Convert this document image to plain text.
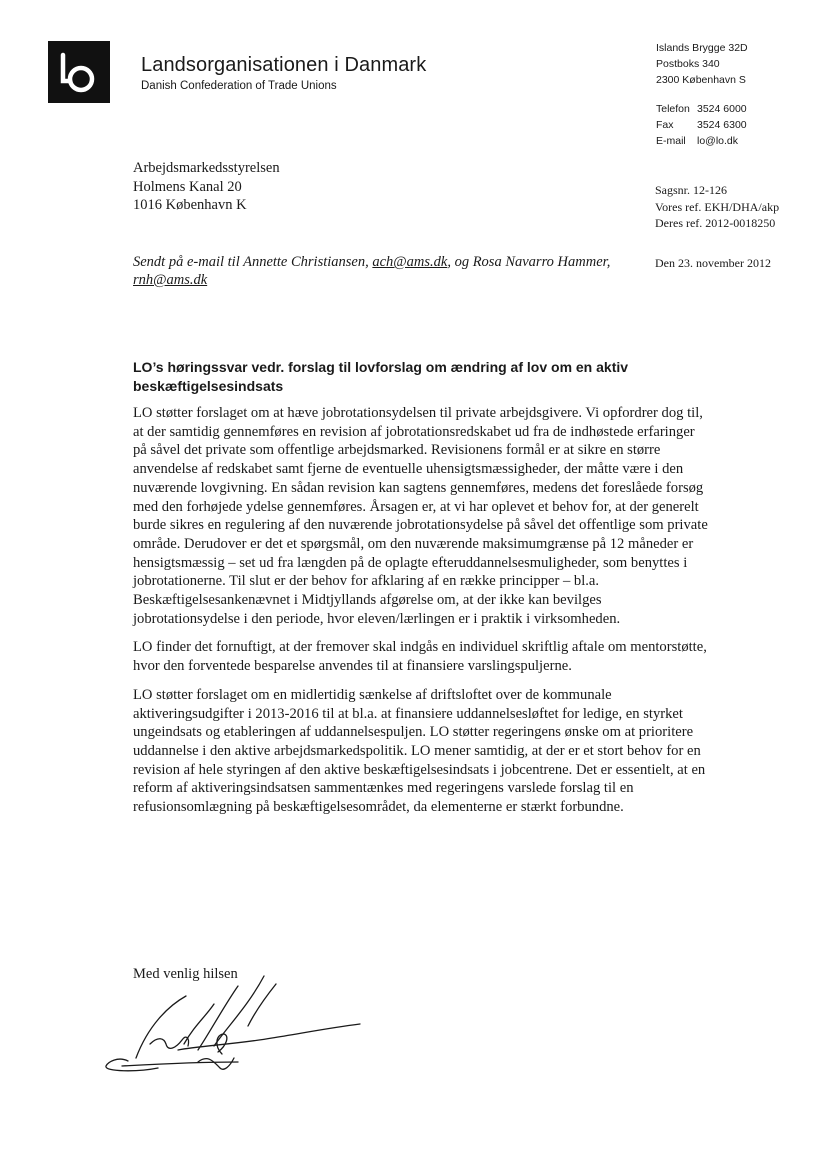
Landsorganisationen i Danmark
Danish Confederation of Trade Unions
Islands Brygge 32D
Postboks 340
2300 København S
Telefon 3524 6000
Fax 3524 6300
E-mail lo@lo.dk
Arbejdsmarkedsstyrelsen
Holmens Kanal 20
1016 København K
Sagsnr. 12-126
Vores ref. EKH/DHA/akp
Deres ref. 2012-0018250
Sendt på e-mail til Annette Christiansen, ach@ams.dk, og Rosa Navarro Hammer, rnh@ams.dk
Den 23. november 2012
LO’s høringssvar vedr. forslag til lovforslag om ændring af lov om en aktiv beskæftigelsesindsats

LO støtter forslaget om at hæve jobrotationsydelsen til private arbejdsgivere. Vi opfordrer dog til, at der samtidig gennemføres en revision af jobrotationsredskabet ud fra de indhøstede erfaringer på såvel det private som offentlige arbejdsmarked. Revisionens formål er at sikre en større anvendelse af redskabet samt fjerne de eventuelle uhensigtsmæssigheder, der måtte være i den nuværende lovgivning. En sådan revision kan sagtens gennemføres, medens det foreslåede forsøg med den forhøjede ydelse gennemføres. Årsagen er, at vi har oplevet et behov for, at der generelt burde sikres en regulering af den nuværende jobrotationsydelse på såvel det offentlige som private område. Derudover er det et spørgsmål, om den nuværende maksimumgrænse på 12 måneder er hensigtsmæssig – set ud fra længden på de oplagte efteruddannelsesmuligheder, som benyttes i jobrotationerne. Til slut er der behov for afklaring af en række principper – bl.a. Beskæftigelsesankenævnet i Midtjyllands afgørelse om, at der ikke kan bevilges jobrotationsydelse i den periode, hvor eleven/lærlingen er i praktik i virksomheden.

LO finder det fornuftigt, at der fremover skal indgås en individuel skriftlig aftale om mentorstøtte, hvor den forventede besparelse anvendes til at finansiere varslingspuljerne.

LO støtter forslaget om en midlertidig sænkelse af driftsloftet over de kommunale aktiveringsudgifter i 2013-2016 til at bl.a. at finansiere uddannelsesløftet for ledige, en styrket ungeindsats og etableringen af uddannelsespuljen. LO støtter regeringens ønske om at prioritere uddannelse i den aktive arbejdsmarkedspolitik. LO mener samtidig, at der er et stort behov for en revision af hele styringen af den aktive beskæftigelsesindsats i jobcentrene. Det er essentielt, at en reform af aktiveringsindsatsen sammentænkes med regeringens varslede forslag til en refusionsomlægning på beskæftigelsesområdet, da elementerne er stærkt forbundne.

Med venlig hilsen
